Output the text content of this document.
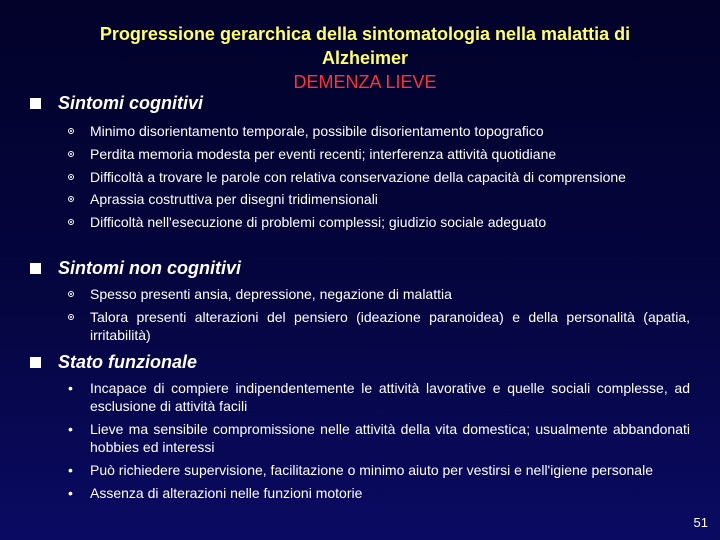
Progressione gerarchica della sintomatologia nella malattia di
Alzheimer
DEMENZA LIEVE
Sintomi cognitivi
Minimo disorientamento temporale, possibile disorientamento topografico
Perdita memoria modesta per eventi recenti; interferenza attività quotidiane
Difficoltà a trovare le parole con relativa conservazione della capacità di comprensione
Aprassia costruttiva per disegni tridimensionali
Difficoltà nell'esecuzione di problemi complessi; giudizio sociale adeguato
Sintomi non cognitivi
Spesso presenti ansia, depressione, negazione di malattia
Talora presenti alterazioni del pensiero (ideazione paranoidea) e della personalità (apatia, irritabilità)
Stato funzionale
• Incapace di compiere indipendentemente le attività lavorative e quelle sociali complesse, ad esclusione di attività facili
• Lieve ma sensibile compromissione nelle attività della vita domestica; usualmente abbandonati hobbies ed interessi
• Può richiedere supervisione, facilitazione o minimo aiuto per vestirsi e nell'igiene personale
• Assenza di alterazioni nelle funzioni motorie
51
